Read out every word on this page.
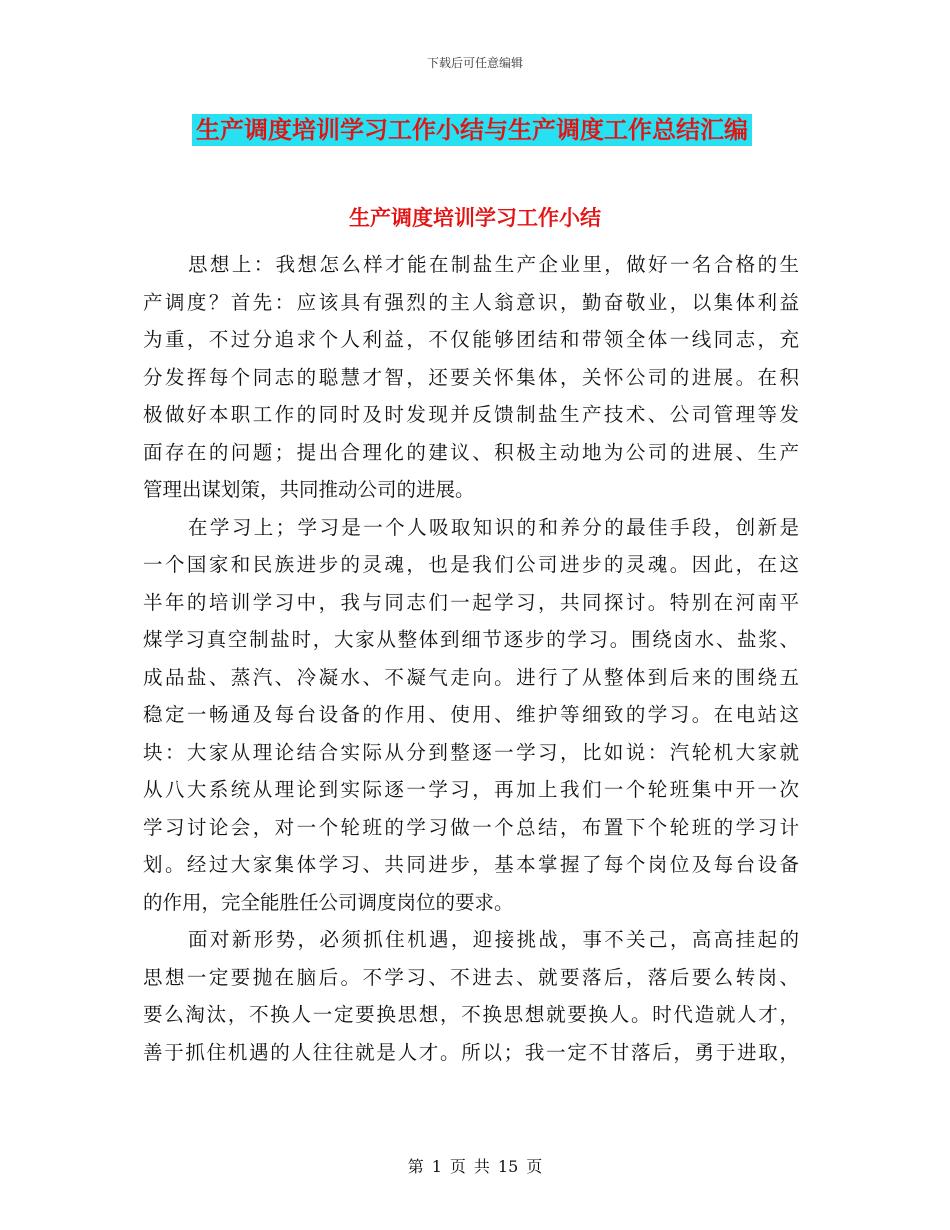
下载后可任意编辑
生产调度培训学习工作小结与生产调度工作总结汇编
生产调度培训学习工作小结
思想上：我想怎么样才能在制盐生产企业里，做好一名合格的生
产调度？首先：应该具有强烈的主人翁意识，勤奋敬业，以集体利益
为重，不过分追求个人利益，不仅能够团结和带领全体一线同志，充
分发挥每个同志的聪慧才智，还要关怀集体，关怀公司的进展。在积
极做好本职工作的同时及时发现并反馈制盐生产技术、公司管理等发
面存在的问题；提出合理化的建议、积极主动地为公司的进展、生产
管理出谋划策，共同推动公司的进展。
在学习上；学习是一个人吸取知识的和养分的最佳手段，创新是
一个国家和民族进步的灵魂，也是我们公司进步的灵魂。因此，在这
半年的培训学习中，我与同志们一起学习，共同探讨。特别在河南平
煤学习真空制盐时，大家从整体到细节逐步的学习。围绕卤水、盐浆、
成品盐、蒸汽、冷凝水、不凝气走向。进行了从整体到后来的围绕五
稳定一畅通及每台设备的作用、使用、维护等细致的学习。在电站这
块：大家从理论结合实际从分到整逐一学习，比如说：汽轮机大家就
从八大系统从理论到实际逐一学习，再加上我们一个轮班集中开一次
学习讨论会，对一个轮班的学习做一个总结，布置下个轮班的学习计
划。经过大家集体学习、共同进步，基本掌握了每个岗位及每台设备
的作用，完全能胜任公司调度岗位的要求。
面对新形势，必须抓住机遇，迎接挑战，事不关己，高高挂起的
思想一定要抛在脑后。不学习、不进去、就要落后，落后要么转岗、
要么淘汰，不换人一定要换思想，不换思想就要换人。时代造就人才，
善于抓住机遇的人往往就是人才。所以；我一定不甘落后，勇于进取，
第 1 页 共 15 页
